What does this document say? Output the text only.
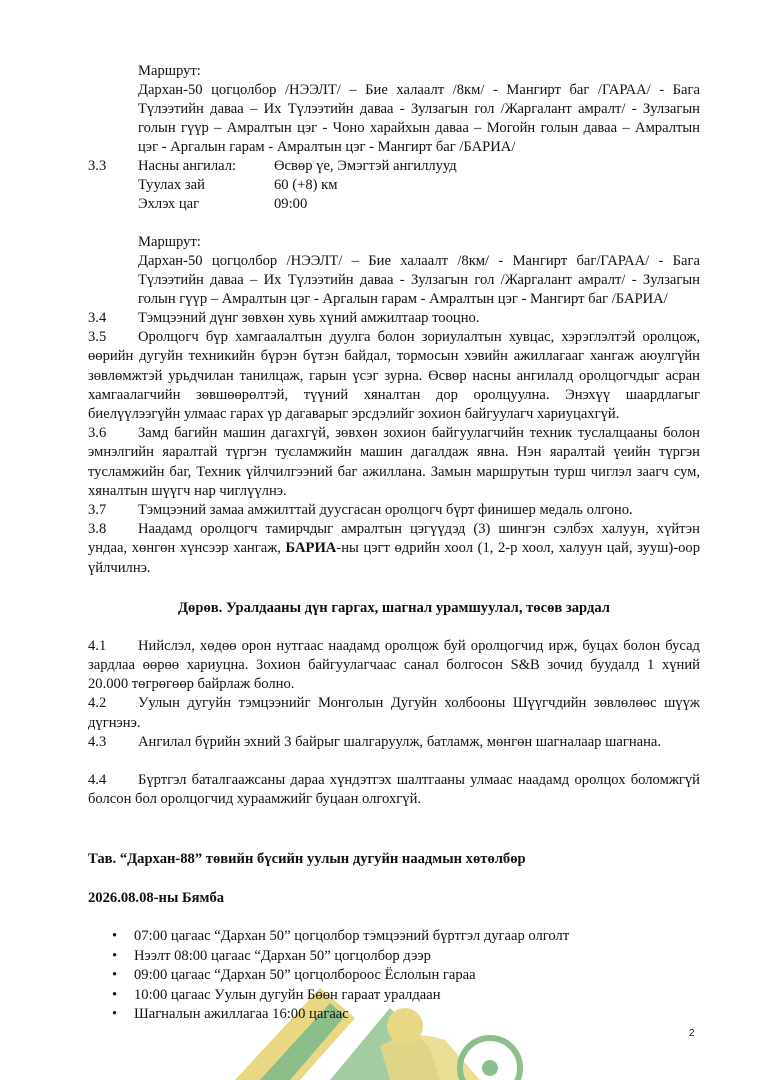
Маршрут:

Дархан-50 цогцолбор /НЭЭЛТ/ – Бие халаалт /8км/ - Мангирт баг /ГАРАА/ - Бага

Түлээтийн даваа – Их Түлээтийн даваа - Зулзагын гол /Жаргалант амралт/ - Зулзагын

голын гүүр – Амралтын цэг - Чоно харайхын даваа – Могойн голын даваа – Амралтын

цэг - Аргалын гарам - Амралтын цэг - Мангирт баг /БАРИА/

3.3	Насны ангилал:	Өсвөр үе, Эмэгтэй ангиллууд
Туулах зай	60 (+8) км
Эхлэх цаг	09:00

Маршрут:

Дархан-50 цогцолбор /НЭЭЛТ/ – Бие халаалт /8км/ - Мангирт баг/ГАРАА/ - Бага

Түлээтийн даваа – Их Түлээтийн даваа - Зулзагын гол /Жаргалант амралт/ - Зулзагын

голын гүүр – Амралтын цэг - Аргалын гарам - Амралтын цэг - Мангирт баг /БАРИА/

3.4 Тэмцээний дүнг зөвхөн хувь хүний амжилтаар тооцно.

3.5 Оролцогч бүр хамгаалалтын дуулга болон зориулалтын хувцас, хэрэглэлтэй оролцож, өөрийн дугуйн техникийн бүрэн бүтэн байдал, тормосын хэвийн ажиллагааг хангаж аюулгүйн зөвлөмжтэй урьдчилан танилцаж, гарын үсэг зурна. Өсвөр насны ангилалд оролцогчдыг асран хамгаалагчийн зөвшөөрөлтэй, түүний хяналтан дор оролцуулна. Энэхүү шаардлагыг биелүүлээгүйн улмаас гарах үр дагаварыг эрсдэлийг зохион байгуулагч хариуцахгүй.

3.6 Замд багийн машин дагахгүй, зөвхөн зохион байгуулагчийн техник туслалцааны болон эмнэлгийн яаралтай түргэн тусламжийн машин дагалдаж явна. Нэн яаралтай үеийн түргэн тусламжийн баг, Техник үйлчилгээний баг ажиллана. Замын маршрутын турш чиглэл заагч сум, хяналтын шүүгч нар чиглүүлнэ.

3.7 Тэмцээний замаа амжилттай дуусгасан оролцогч бүрт финишер медаль олгоно.

3.8 Наадамд оролцогч тамирчдыг амралтын цэгүүдэд (3) шингэн сэлбэх халуун, хүйтэн ундаа, хөнгөн хүнсээр хангаж, БАРИА-ны цэгт өдрийн хоол (1, 2-р хоол, халуун цай, зууш)-оор үйлчилнэ.

Дөрөв. Уралдааны дүн гаргах, шагнал урамшуулал, төсөв зардал

4.1 Нийслэл, хөдөө орон нутгаас наадамд оролцож буй оролцогчид ирж, буцах болон бусад зардлаа өөрөө хариуцна. Зохион байгуулагчаас санал болгосон S&B зочид буудалд 1 хүний 20.000 төгрөгөөр байрлаж болно.

4.2 Уулын дугуйн тэмцээнийг Монголын Дугуйн холбооны Шүүгчдийн зөвлөлөөс шүүж дүгнэнэ.

4.3 Ангилал бүрийн эхний 3 байрыг шалгаруулж, батламж, мөнгөн шагналаар шагнана.

4.4 Бүртгэл баталгаажсаны дараа хүндэтгэх шалтгааны улмаас наадамд оролцох боломжгүй болсон бол оролцогчид хураамжийг буцаан олгохгүй.

Тав. “Дархан-88” төвийн бүсийн уулын дугуйн наадмын хөтөлбөр

2026.08.08-ны Бямба

• 07:00 цагаас “Дархан 50” цогцолбор тэмцээний бүртгэл дугаар олголт
• Нээлт 08:00 цагаас “Дархан 50” цогцолбор дээр
• 09:00 цагаас “Дархан 50” цогцолбороос Ёслолын гараа
• 10:00 цагаас Уулын дугуйн Бөөн гараат уралдаан
• Шагналын ажиллагаа 16:00 цагаас
2
